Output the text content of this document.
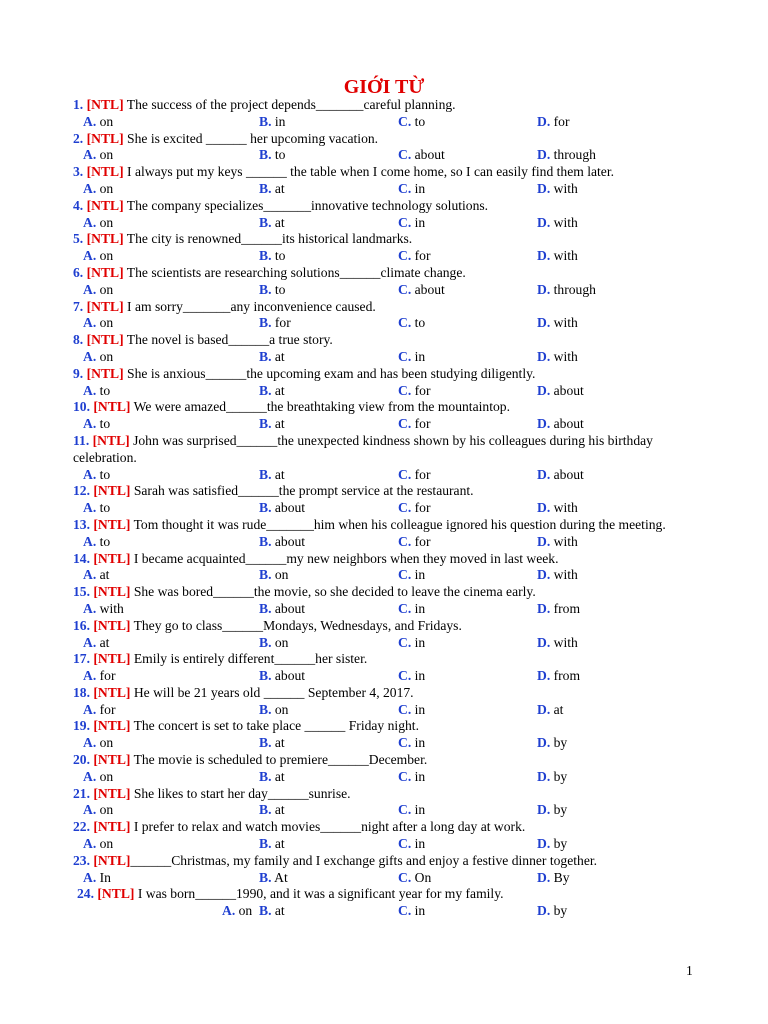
GIỚI TỪ
1. [NTL] The success of the project depends_______careful planning.
A. on	B. in	C. to	D. for
2. [NTL] She is excited ______ her upcoming vacation.
A. on	B. to	C. about	D. through
3. [NTL] I always put my keys ______ the table when I come home, so I can easily find them later.
A. on	B. at	C. in	D. with
4. [NTL] The company specializes_______innovative technology solutions.
A. on	B. at	C. in	D. with
5. [NTL] The city is renowned______its historical landmarks.
A. on	B. to	C. for	D. with
6. [NTL] The scientists are researching solutions______climate change.
A. on	B. to	C. about	D. through
7. [NTL] I am sorry_______any inconvenience caused.
A. on	B. for	C. to	D. with
8. [NTL] The novel is based______a true story.
A. on	B. at	C. in	D. with
9. [NTL] She is anxious______the upcoming exam and has been studying diligently.
A. to	B. at	C. for	D. about
10. [NTL] We were amazed______the breathtaking view from the mountaintop.
A. to	B. at	C. for	D. about
11. [NTL] John was surprised______the unexpected kindness shown by his colleagues during his birthday celebration.
A. to	B. at	C. for	D. about
12. [NTL] Sarah was satisfied______the prompt service at the restaurant.
A. to	B. about	C. for	D. with
13. [NTL] Tom thought it was rude_______him when his colleague ignored his question during the meeting.
A. to	B. about	C. for	D. with
14. [NTL] I became acquainted______my new neighbors when they moved in last week.
A. at	B. on	C. in	D. with
15. [NTL] She was bored______the movie, so she decided to leave the cinema early.
A. with	B. about	C. in	D. from
16. [NTL] They go to class______Mondays, Wednesdays, and Fridays.
A. at	B. on	C. in	D. with
17. [NTL] Emily is entirely different______her sister.
A. for	B. about	C. in	D. from
18. [NTL] He will be 21 years old ______ September 4, 2017.
A. for	B. on	C. in	D. at
19. [NTL] The concert is set to take place ______ Friday night.
A. on	B. at	C. in	D. by
20. [NTL] The movie is scheduled to premiere______December.
A. on	B. at	C. in	D. by
21. [NTL] She likes to start her day______sunrise.
A. on	B. at	C. in	D. by
22. [NTL] I prefer to relax and watch movies______night after a long day at work.
A. on	B. at	C. in	D. by
23. [NTL]______Christmas, my family and I exchange gifts and enjoy a festive dinner together.
A. In	B. At	C. On	D. By
24. [NTL] I was born______1990, and it was a significant year for my family.
A. on B. at	C. in	D. by
1
